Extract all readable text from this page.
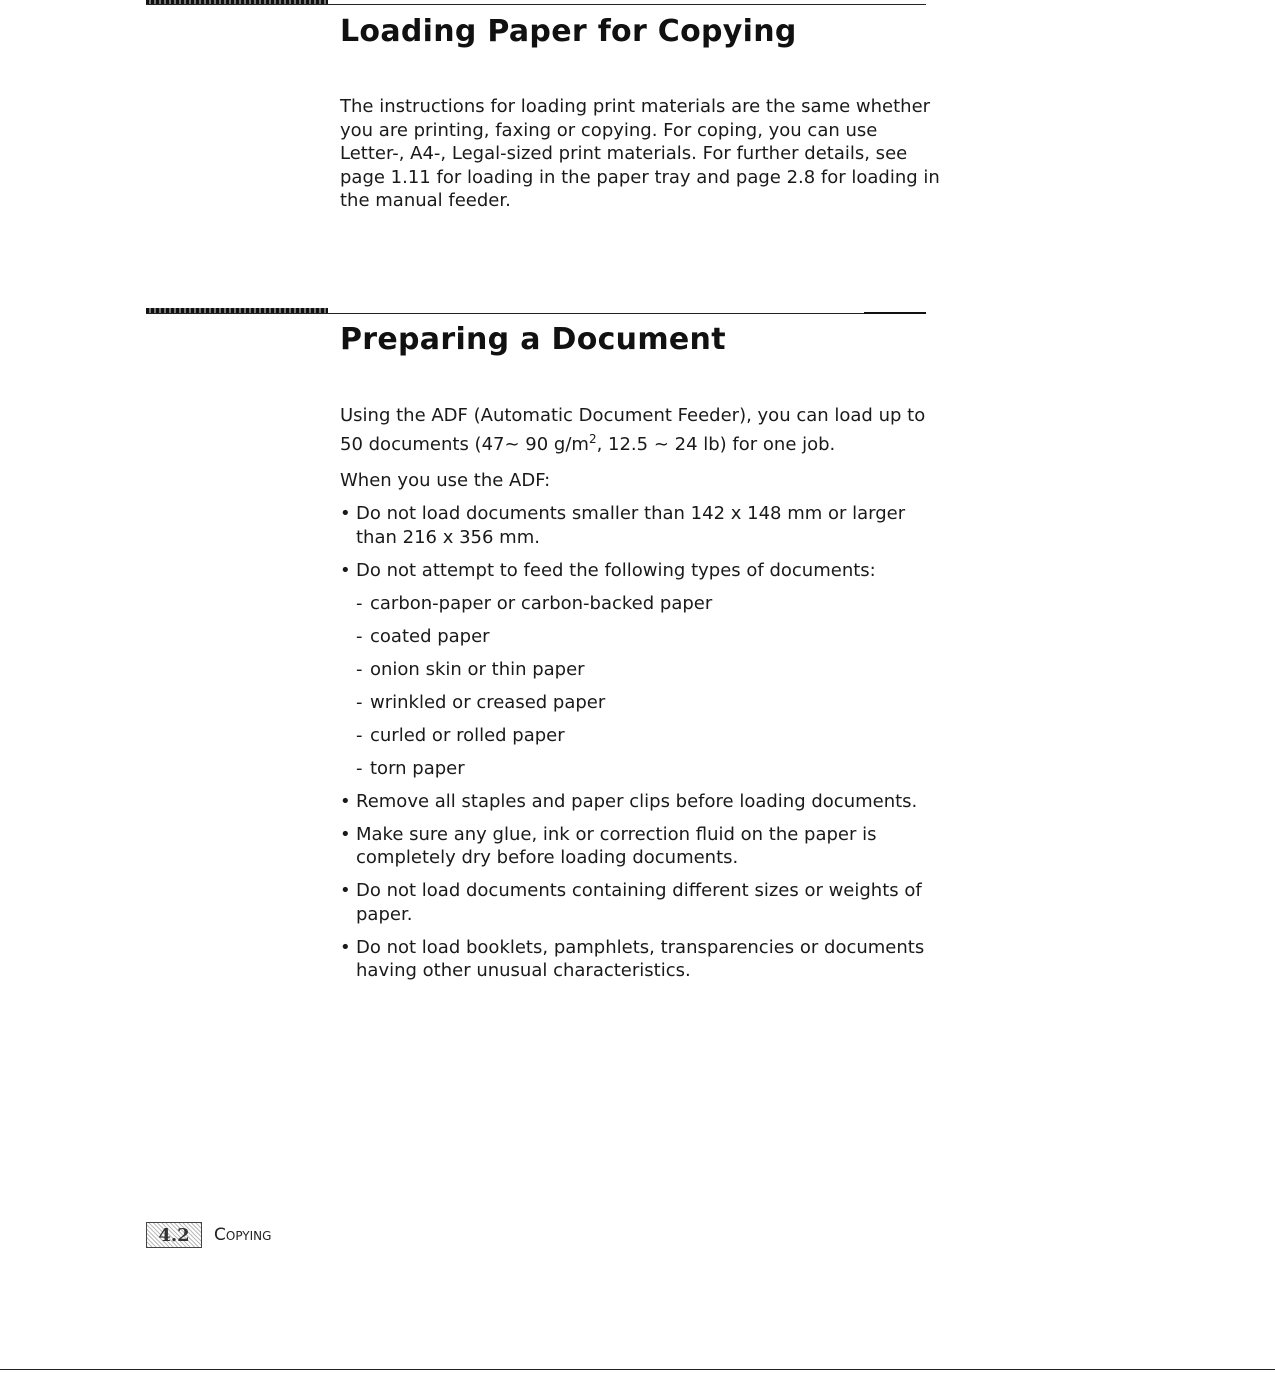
Loading Paper for Copying

The instructions for loading print materials are the same whether you are printing, faxing or copying. For coping, you can use Letter-, A4-, Legal-sized print materials. For further details, see page 1.11 for loading in the paper tray and page 2.8 for loading in the manual feeder.

Preparing a Document

Using the ADF (Automatic Document Feeder), you can load up to 50 documents (47~ 90 $g/m^2$, 12.5 ~ 24 lb) for one job.

When you use the ADF:

• Do not load documents smaller than 142 x 148 mm or larger than 216 x 356 mm.
• Do not attempt to feed the following types of documents:
- carbon-paper or carbon-backed paper
- coated paper
- onion skin or thin paper
- wrinkled or creased paper
- curled or rolled paper
- torn paper
• Remove all staples and paper clips before loading documents.
• Make sure any glue, ink or correction fluid on the paper is completely dry before loading documents.
• Do not load documents containing different sizes or weights of paper.
• Do not load booklets, pamphlets, transparencies or documents having other unusual characteristics.
4.2	Copying
